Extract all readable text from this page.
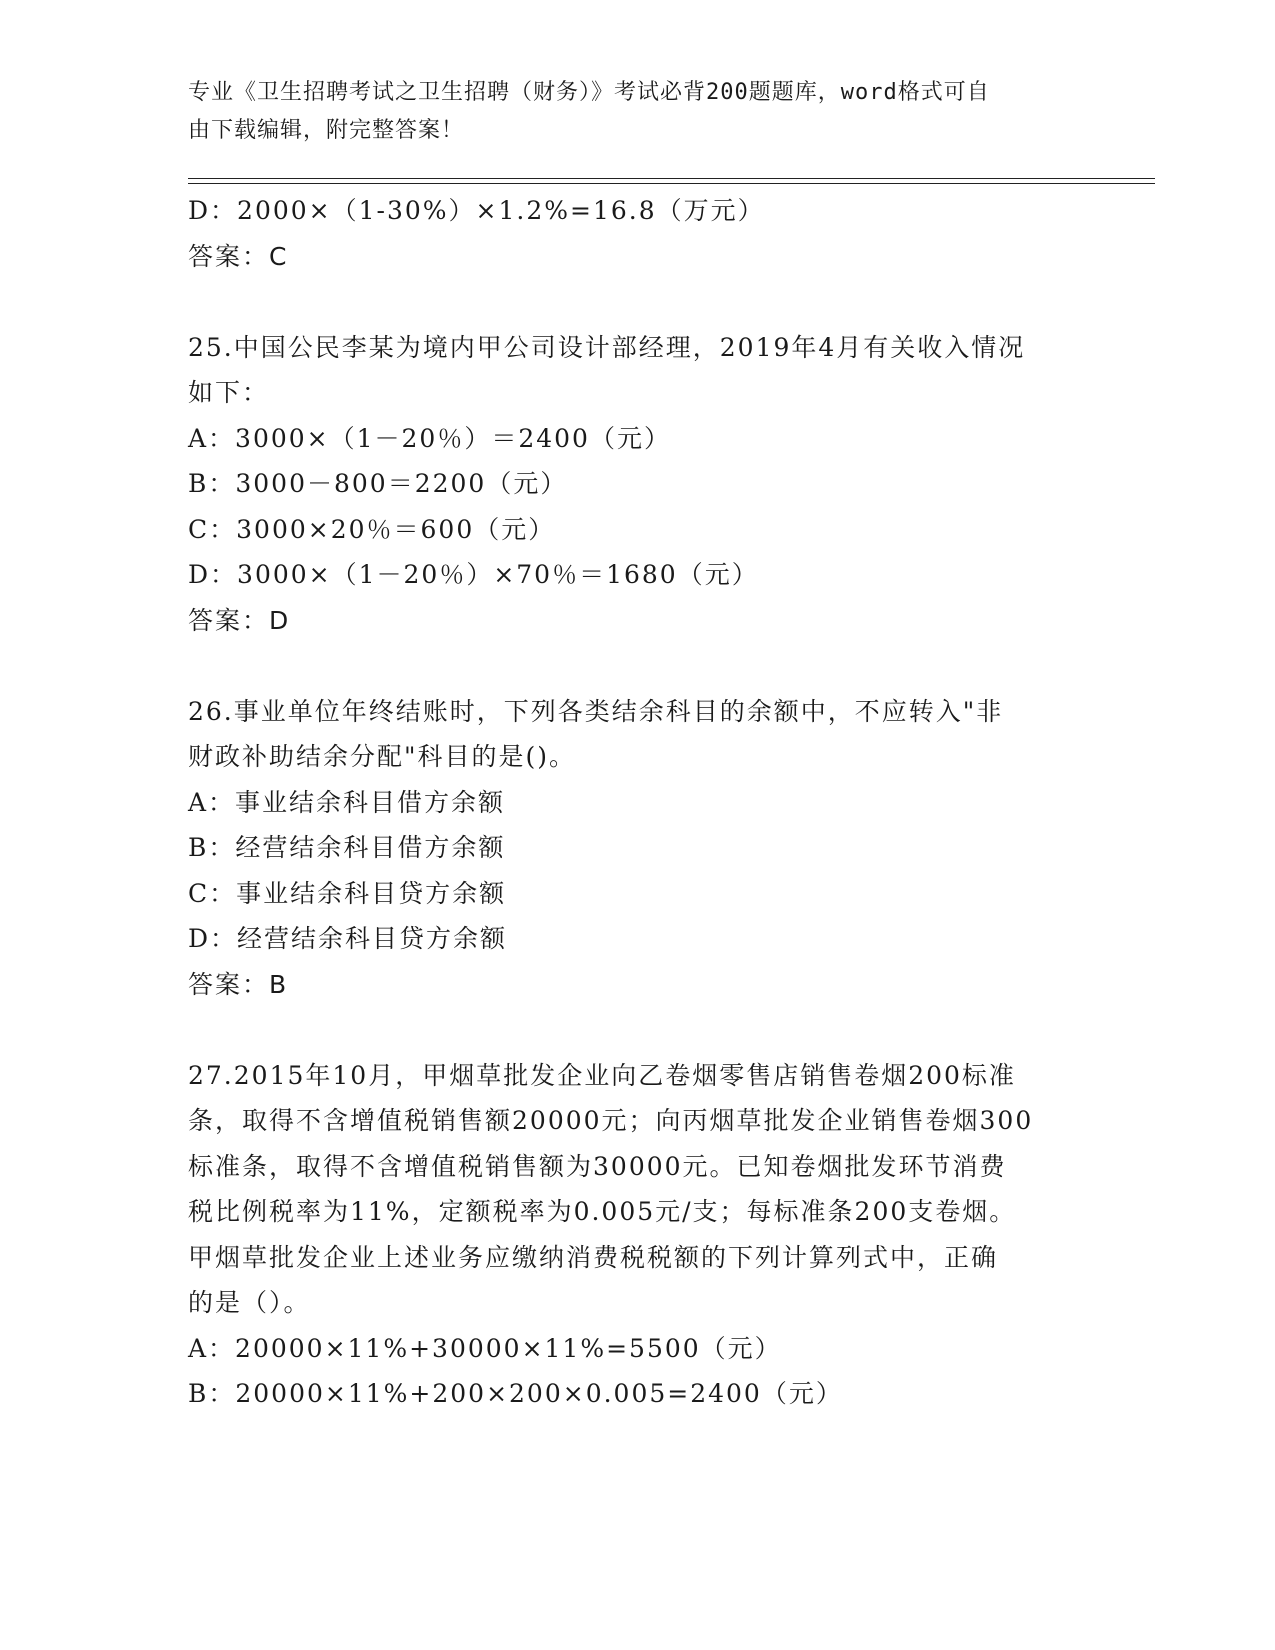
专业《卫生招聘考试之卫生招聘（财务）》考试必背200题题库，word格式可自
由下载编辑，附完整答案！
D：2000×（1-30%）×1.2%=16.8（万元）
答案：C
25.中国公民李某为境内甲公司设计部经理，2019年4月有关收入情况
如下：
A：3000×（1－20％）＝2400（元）
B：3000－800＝2200（元）
C：3000×20％＝600（元）
D：3000×（1－20％）×70％＝1680（元）
答案：D
26.事业单位年终结账时，下列各类结余科目的余额中，不应转入"非
财政补助结余分配"科目的是()。
A：事业结余科目借方余额
B：经营结余科目借方余额
C：事业结余科目贷方余额
D：经营结余科目贷方余额
答案：B
27.2015年10月，甲烟草批发企业向乙卷烟零售店销售卷烟200标准
条，取得不含增值税销售额20000元；向丙烟草批发企业销售卷烟300
标准条，取得不含增值税销售额为30000元。已知卷烟批发环节消费
税比例税率为11%，定额税率为0.005元/支；每标准条200支卷烟。
甲烟草批发企业上述业务应缴纳消费税税额的下列计算列式中，正确
的是（）。
A：20000×11%+30000×11%=5500（元）
B：20000×11%+200×200×0.005=2400（元）
